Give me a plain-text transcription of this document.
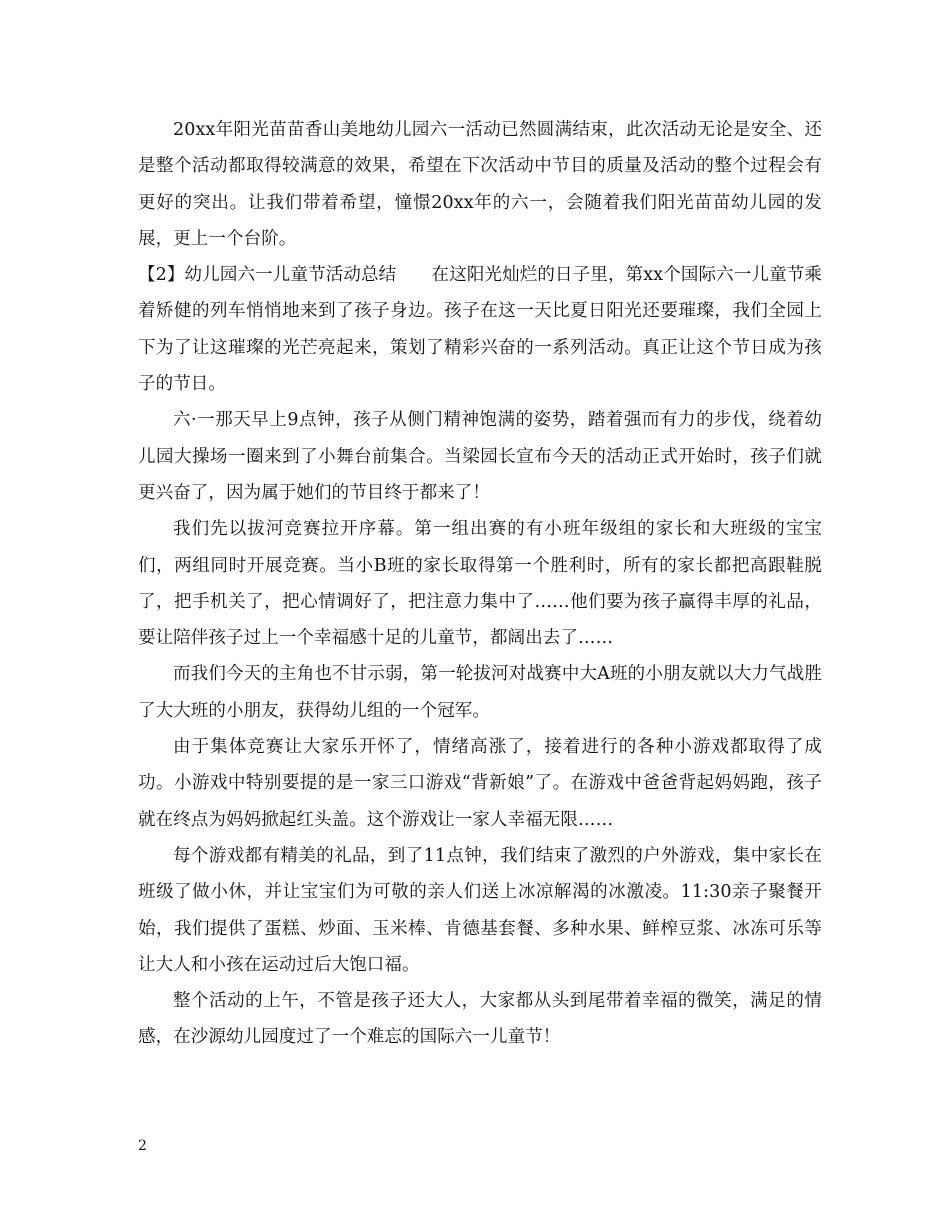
20xx年阳光苗苗香山美地幼儿园六一活动已然圆满结束，此次活动无论是安全、还是整个活动都取得较满意的效果，希望在下次活动中节目的质量及活动的整个过程会有更好的突出。让我们带着希望，憧憬20xx年的六一，会随着我们阳光苗苗幼儿园的发展，更上一个台阶。

【2】幼儿园六一儿童节活动总结　　在这阳光灿烂的日子里，第xx个国际六一儿童节乘着矫健的列车悄悄地来到了孩子身边。孩子在这一天比夏日阳光还要璀璨，我们全园上下为了让这璀璨的光芒亮起来，策划了精彩兴奋的一系列活动。真正让这个节日成为孩子的节日。

六·一那天早上9点钟，孩子从侧门精神饱满的姿势，踏着强而有力的步伐，绕着幼儿园大操场一圈来到了小舞台前集合。当梁园长宣布今天的活动正式开始时，孩子们就更兴奋了，因为属于她们的节目终于都来了！

我们先以拔河竞赛拉开序幕。第一组出赛的有小班年级组的家长和大班级的宝宝们，两组同时开展竞赛。当小B班的家长取得第一个胜利时，所有的家长都把高跟鞋脱了，把手机关了，把心情调好了，把注意力集中了……他们要为孩子赢得丰厚的礼品，要让陪伴孩子过上一个幸福感十足的儿童节，都阔出去了……

而我们今天的主角也不甘示弱，第一轮拔河对战赛中大A班的小朋友就以大力气战胜了大大班的小朋友，获得幼儿组的一个冠军。

由于集体竞赛让大家乐开怀了，情绪高涨了，接着进行的各种小游戏都取得了成功。小游戏中特别要提的是一家三口游戏“背新娘”了。在游戏中爸爸背起妈妈跑，孩子就在终点为妈妈掀起红头盖。这个游戏让一家人幸福无限……

每个游戏都有精美的礼品，到了11点钟，我们结束了激烈的户外游戏，集中家长在班级了做小休，并让宝宝们为可敬的亲人们送上冰凉解渴的冰激凌。11:30亲子聚餐开始，我们提供了蛋糕、炒面、玉米棒、肯德基套餐、多种水果、鲜榨豆浆、冰冻可乐等让大人和小孩在运动过后大饱口福。

整个活动的上午，不管是孩子还大人，大家都从头到尾带着幸福的微笑，满足的情感，在沙源幼儿园度过了一个难忘的国际六一儿童节！

2
